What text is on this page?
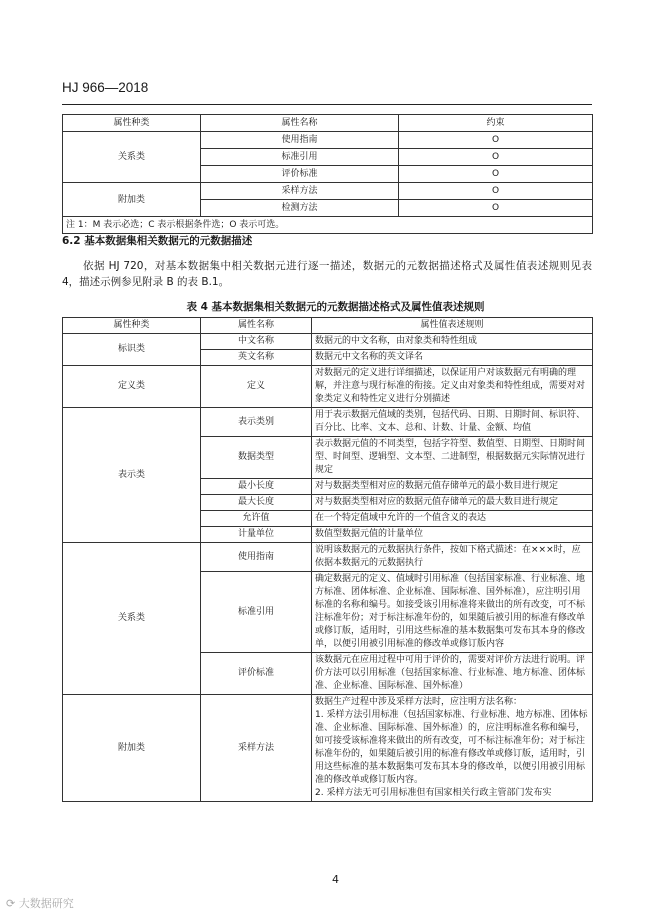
HJ 966—2018
属性种类	属性名称	约束
关系类	使用指南	O
	标准引用	O
	评价标准	O
附加类	采样方法	O
	检测方法	O
注 1：M 表示必选；C 表示根据条件选；O 表示可选。		
6.2 基本数据集相关数据元的元数据描述
依据 HJ 720，对基本数据集中相关数据元进行逐一描述，数据元的元数据描述格式及属性值表述规则见表 4，描述示例参见附录 B 的表 B.1。
表 4 基本数据集相关数据元的元数据描述格式及属性值表述规则
属性种类	属性名称	属性值表述规则
标识类	中文名称	数据元的中文名称，由对象类和特性组成
	英文名称	数据元中文名称的英文译名
定义类	定义	对数据元的定义进行详细描述，以保证用户对该数据元有明确的理解，并注意与现行标准的衔接。定义由对象类和特性组成，需要对对象类定义和特性定义进行分别描述
表示类	表示类别	用于表示数据元值域的类别，包括代码、日期、日期时间、标识符、百分比、比率、文本、总和、计数、计量、金额、均值
	数据类型	表示数据元值的不同类型，包括字符型、数值型、日期型、日期时间型、时间型、逻辑型、文本型、二进制型，根据数据元实际情况进行规定
	最小长度	对与数据类型相对应的数据元值存储单元的最小数目进行规定
	最大长度	对与数据类型相对应的数据元值存储单元的最大数目进行规定
	允许值	在一个特定值域中允许的一个值含义的表达
	计量单位	数值型数据元值的计量单位
关系类	使用指南	说明该数据元的元数据执行条件，按如下格式描述：在×××时，应依据本数据元的元数据执行
	标准引用	确定数据元的定义、值域时引用标准（包括国家标准、行业标准、地方标准、团体标准、企业标准、国际标准、国外标准），应注明引用标准的名称和编号。如接受该引用标准将来做出的所有改变，可不标注标准年份；对于标注标准年份的，如果随后被引用的标准有修改单或修订版，适用时，引用这些标准的基本数据集可发布其本身的修改单，以便引用被引用标准的修改单或修订版内容
	评价标准	该数据元在应用过程中可用于评价的，需要对评价方法进行说明。评价方法可以引用标准（包括国家标准、行业标准、地方标准、团体标准、企业标准、国际标准、国外标准）
附加类	采样方法	数据生产过程中涉及采样方法时，应注明方法名称：
1. 采样方法引用标准（包括国家标准、行业标准、地方标准、团体标准、企业标准、国际标准、国外标准）的，应注明标准名称和编号，如可接受该标准将来做出的所有改变，可不标注标准年份；对于标注标准年份的，如果随后被引用的标准有修改单或修订版，适用时，引用这些标准的基本数据集可发布其本身的修改单，以便引用被引用标准的修改单或修订版内容。
2. 采样方法无可引用标准但有国家相关行政主管部门发布实
4
⟳ 大数据研究
